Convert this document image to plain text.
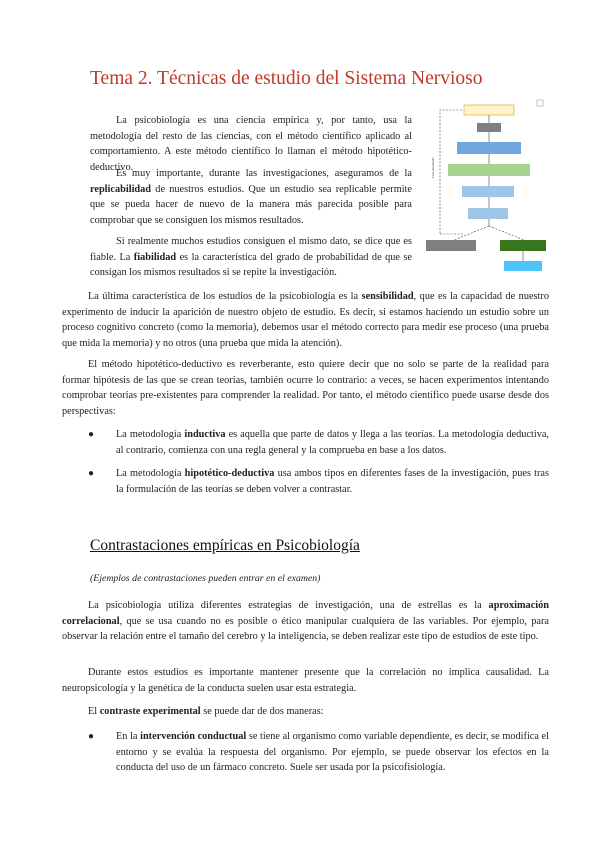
Tema 2. Técnicas de estudio del Sistema Nervioso
Ciclo del método

La psicobiología es una ciencia empírica y, por tanto, usa la metodología del resto de las ciencias, con el método científico aplicado al comportamiento. A este método científico lo llaman el método hipotético-deductivo.

Es muy importante, durante las investigaciones, aseguramos de la replicabilidad de nuestros estudios. Que un estudio sea replicable permite que se pueda hacer de nuevo de la manera más parecida posible para comprobar que se consiguen los mismos resultados.

Si realmente muchos estudios consiguen el mismo dato, se dice que es fiable. La fiabilidad es la característica del grado de probabilidad de que se consigan los mismos resultados si se repite la investigación.

La última característica de los estudios de la psicobiología es la sensibilidad, que es la capacidad de nuestro experimento de inducir la aparición de nuestro objeto de estudio. Es decir, si estamos haciendo un estudio sobre un proceso cognitivo concreto (como la memoria), debemos usar el método correcto para medir ese proceso (una prueba que mida la memoria) y no otros (una prueba que mida la atención).

El método hipotético-deductivo es reverberante, esto quiere decir que no solo se parte de la realidad para formar hipótesis de las que se crean teorías, también ocurre lo contrario: a veces, se hacen experimentos intentando comprobar teorías pre-existentes para comprender la realidad. Por tanto, el método científico puede usarse desde dos perspectivas:

●	La metodología inductiva es aquella que parte de datos y llega a las teorías. La metodología deductiva, al contrario, comienza con una regla general y la comprueba en base a los datos.

●	La metodología hipotético-deductiva usa ambos tipos en diferentes fases de la investigación, pues tras la formulación de las teorías se deben volver a contrastar.

Contrastaciones empíricas en Psicobiología
(Ejemplos de contrastaciones pueden entrar en el examen)

La psicobiología utiliza diferentes estrategias de investigación, una de estrellas es la aproximación correlacional, que se usa cuando no es posible o ético manipular cualquiera de las variables. Por ejemplo, para observar la relación entre el tamaño del cerebro y la inteligencia, se deben realizar este tipo de estudios de este tipo.

Durante estos estudios es importante mantener presente que la correlación no implica causalidad. La neuropsicología y la genética de la conducta suelen usar esta estrategia.

El contraste experimental se puede dar de dos maneras:

●	En la intervención conductual se tiene al organismo como variable dependiente, es decir, se modifica el entorno y se evalúa la respuesta del organismo. Por ejemplo, se puede observar los efectos en la conducta del uso de un fármaco concreto. Suele ser usada por la psicofisiología.
